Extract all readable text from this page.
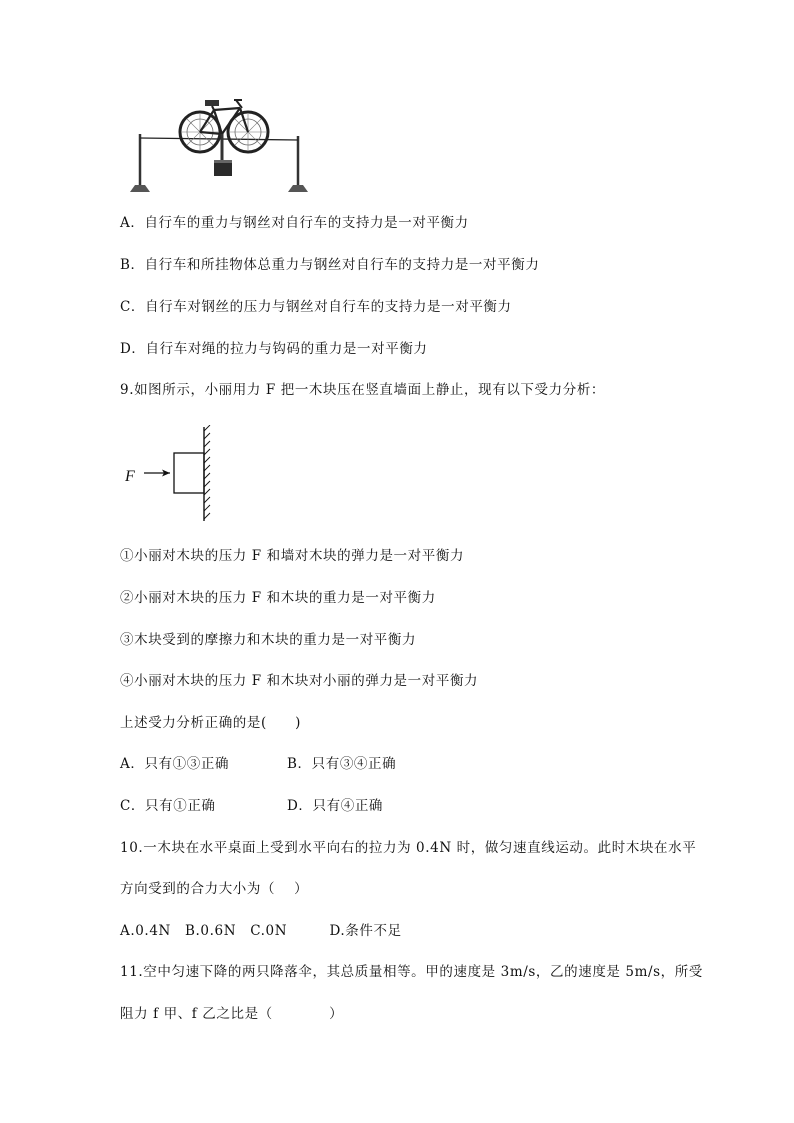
A．自行车的重力与钢丝对自行车的支持力是一对平衡力
B．自行车和所挂物体总重力与钢丝对自行车的支持力是一对平衡力
C．自行车对钢丝的压力与钢丝对自行车的支持力是一对平衡力
D．自行车对绳的拉力与钩码的重力是一对平衡力
9.如图所示，小丽用力 F 把一木块压在竖直墙面上静止，现有以下受力分析：
F
①小丽对木块的压力 F 和墙对木块的弹力是一对平衡力
②小丽对木块的压力 F 和木块的重力是一对平衡力
③木块受到的摩擦力和木块的重力是一对平衡力
④小丽对木块的压力 F 和木块对小丽的弹力是一对平衡力
上述受力分析正确的是(　　)
A．只有①③正确	B．只有③④正确
C．只有①正确	D．只有④正确
10.一木块在水平桌面上受到水平向右的拉力为 0.4N 时，做匀速直线运动。此时木块在水平
方向受到的合力大小为（　 ）
A.0.4N　B.0.6N　C.0N　　　D.条件不足
11.空中匀速下降的两只降落伞，其总质量相等。甲的速度是 3m/s，乙的速度是 5m/s，所受
阻力 f 甲、f 乙之比是（　　　　）
